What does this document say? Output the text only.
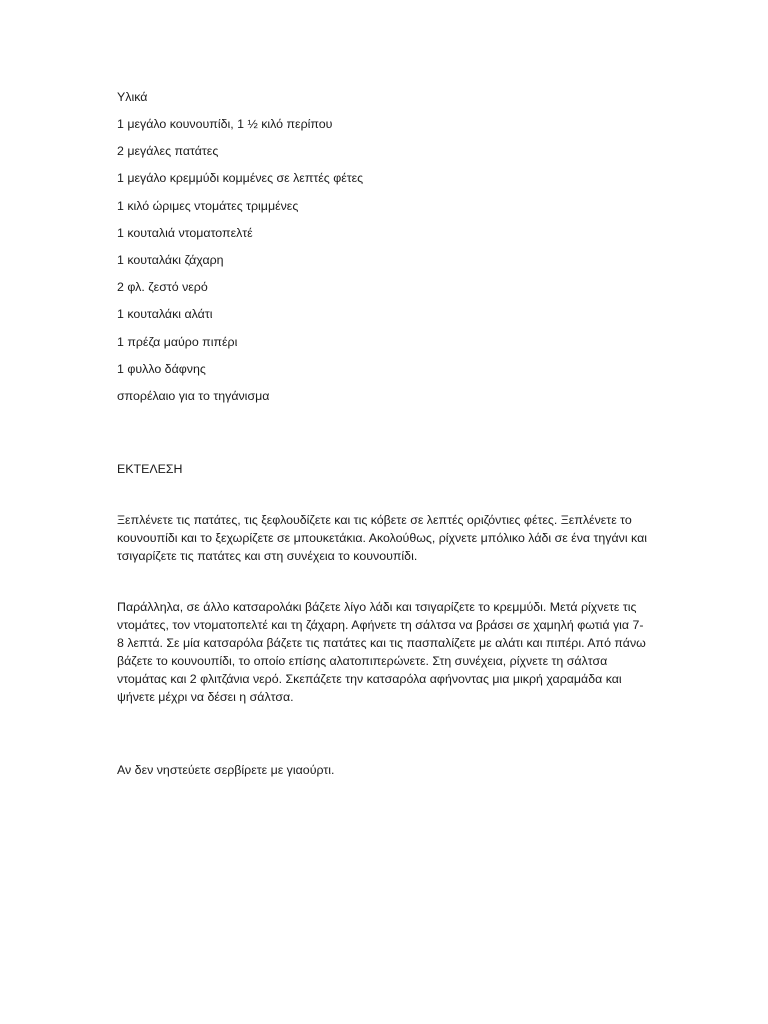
Υλικά
1 μεγάλο κουνουπίδι, 1 ½ κιλό περίπου
2 μεγάλες πατάτες
1 μεγάλο κρεμμύδι κομμένες σε λεπτές φέτες
1 κιλό ώριμες ντομάτες τριμμένες
1 κουταλιά ντοματοπελτέ
1 κουταλάκι ζάχαρη
2 φλ. ζεστό νερό
1 κουταλάκι αλάτι
1 πρέζα μαύρο πιπέρι
1 φυλλο δάφνης
σπορέλαιο για το τηγάνισμα
ΕΚΤΕΛΕΣΗ

Ξεπλένετε τις πατάτες, τις ξεφλουδίζετε και τις κόβετε σε λεπτές οριζόντιες φέτες. Ξεπλένετε το κουνουπίδι και το ξεχωρίζετε σε μπουκετάκια. Ακολούθως, ρίχνετε μπόλικο λάδι σε ένα τηγάνι και τσιγαρίζετε τις πατάτες και στη συνέχεια το κουνουπίδι.

Παράλληλα, σε άλλο κατσαρολάκι βάζετε λίγο λάδι και τσιγαρίζετε το κρεμμύδι. Μετά ρίχνετε τις ντομάτες, τον ντοματοπελτέ και τη ζάχαρη. Αφήνετε τη σάλτσα να βράσει σε χαμηλή φωτιά για 7-8 λεπτά. Σε μία κατσαρόλα βάζετε τις πατάτες και τις πασπαλίζετε με αλάτι και πιπέρι. Από πάνω βάζετε το κουνουπίδι, το οποίο επίσης αλατοπιπερώνετε. Στη συνέχεια, ρίχνετε τη σάλτσα ντομάτας και 2 φλιτζάνια νερό. Σκεπάζετε την κατσαρόλα αφήνοντας μια μικρή χαραμάδα και ψήνετε μέχρι να δέσει η σάλτσα.

Αν δεν νηστεύετε σερβίρετε με γιαούρτι.
